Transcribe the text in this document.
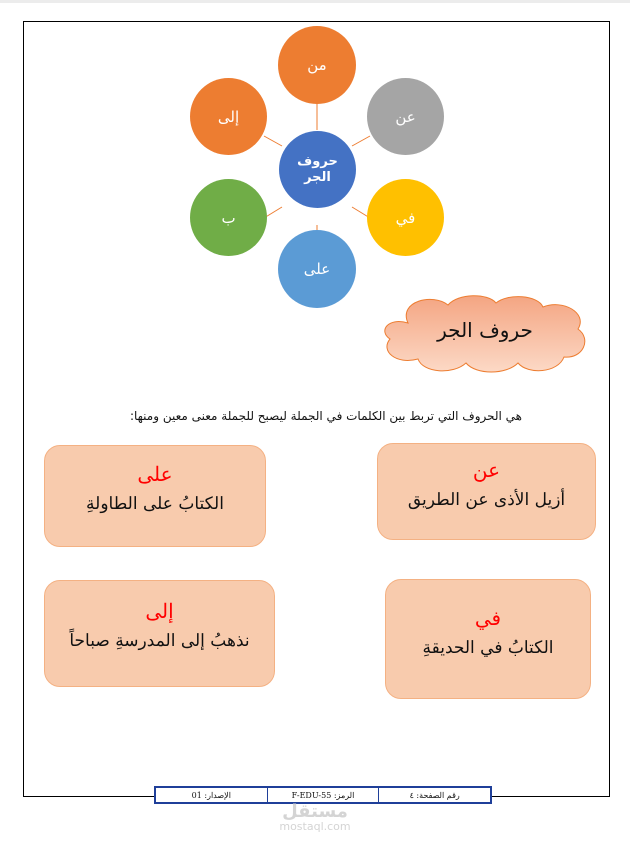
حروف الجر
من
عن
في
على
ب
إلى
حروف الجر
هي الحروف التي تربط بين الكلمات في الجملة ليصبح للجملة معنى معين ومنها:
عن
أزيل الأذى عن الطريق
على
الكتابُ على الطاولةِ
في
الكتابُ في الحديقةِ
إلى
نذهبُ إلى المدرسةِ صباحاً
رقم الصفحة: ٤
الرمز: F-EDU-55
الإصدار: 01
مستقل
mostaql.com
